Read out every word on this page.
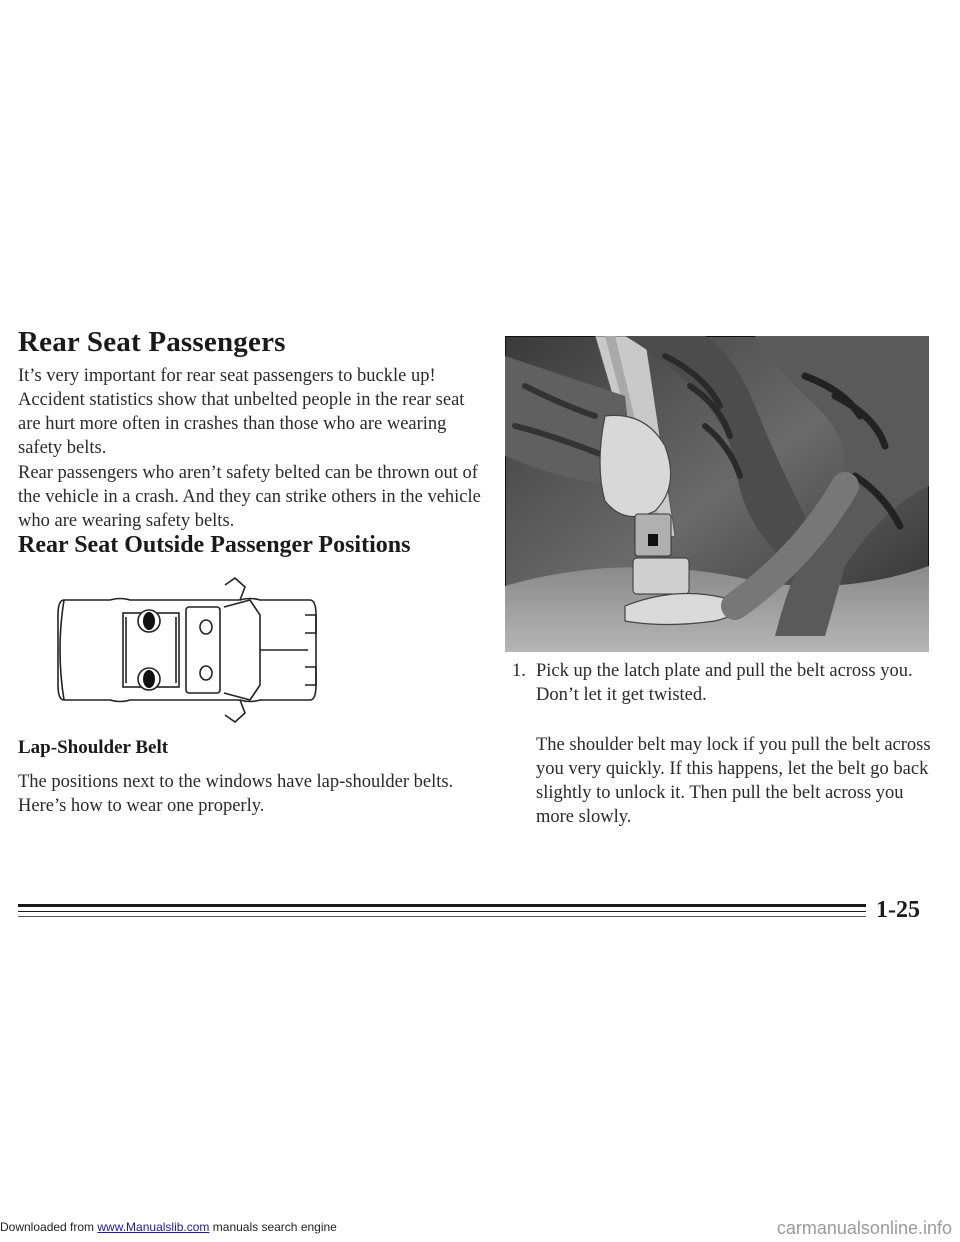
Rear Seat Passengers

It’s very important for rear seat passengers to buckle up! Accident statistics show that unbelted people in the rear seat are hurt more often in crashes than those who are wearing safety belts.

Rear passengers who aren’t safety belted can be thrown out of the vehicle in a crash. And they can strike others in the vehicle who are wearing safety belts.

Rear Seat Outside Passenger Positions
Lap-Shoulder Belt

The positions next to the windows have lap-shoulder belts. Here’s how to wear one properly.

1. Pick up the latch plate and pull the belt across you. Don’t let it get twisted.

The shoulder belt may lock if you pull the belt across you very quickly. If this happens, let the belt go back slightly to unlock it. Then pull the belt across you more slowly.

1-25
Downloaded from www.Manualslib.com manuals search engine	carmanualsonline.info
